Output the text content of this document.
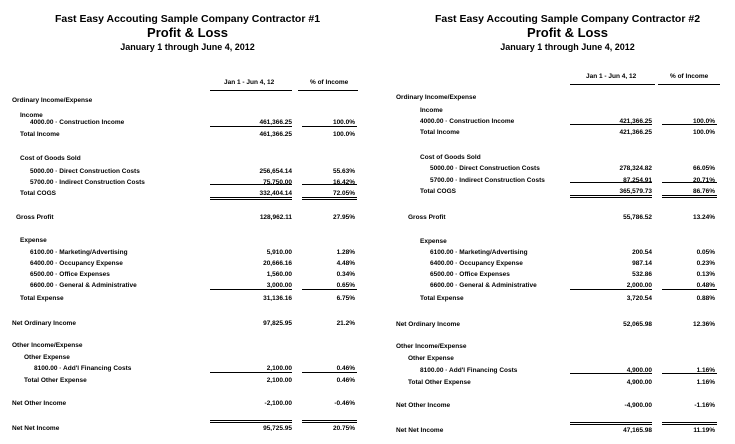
Fast Easy Accouting Sample Company Contractor #1
Profit & Loss
January 1 through June 4, 2012
Jan 1 - Jun 4, 12	% of Income
Ordinary Income/Expense
Income
4000.00 · Construction Income	461,366.25	100.0%
Total Income	461,366.25	100.0%
Cost of Goods Sold
5000.00 · Direct Construction Costs	256,654.14	55.63%
5700.00 · Indirect Construction Costs	75,750.00	16.42%
Total COGS	332,404.14	72.05%
Gross Profit	128,962.11	27.95%
Expense
6100.00 · Marketing/Advertising	5,910.00	1.28%
6400.00 · Occupancy Expense	20,666.16	4.48%
6500.00 · Office Expenses	1,560.00	0.34%
6600.00 · General & Administrative	3,000.00	0.65%
Total Expense	31,136.16	6.75%
Net Ordinary Income	97,825.95	21.2%
Other Income/Expense
Other Expense
8100.00 · Add'l Financing Costs	2,100.00	0.46%
Total Other Expense	2,100.00	0.46%
Net Other Income	-2,100.00	-0.46%
Net Net Income	95,725.95	20.75%
Fast Easy Accouting Sample Company Contractor #2
Profit & Loss
January 1 through June 4, 2012
Jan 1 - Jun 4, 12	% of Income
Ordinary Income/Expense
Income
4000.00 · Construction Income	421,366.25	100.0%
Total Income	421,366.25	100.0%
Cost of Goods Sold
5000.00 · Direct Construction Costs	278,324.82	66.05%
5700.00 · Indirect Construction Costs	87,254.91	20.71%
Total COGS	365,579.73	86.76%
Gross Profit	55,786.52	13.24%
Expense
6100.00 · Marketing/Advertising	200.54	0.05%
6400.00 · Occupancy Expense	987.14	0.23%
6500.00 · Office Expenses	532.86	0.13%
6600.00 · General & Administrative	2,000.00	0.48%
Total Expense	3,720.54	0.88%
Net Ordinary Income	52,065.98	12.36%
Other Income/Expense
Other Expense
8100.00 · Add'l Financing Costs	4,900.00	1.16%
Total Other Expense	4,900.00	1.16%
Net Other Income	-4,900.00	-1.16%
Net Net Income	47,165.98	11.19%
